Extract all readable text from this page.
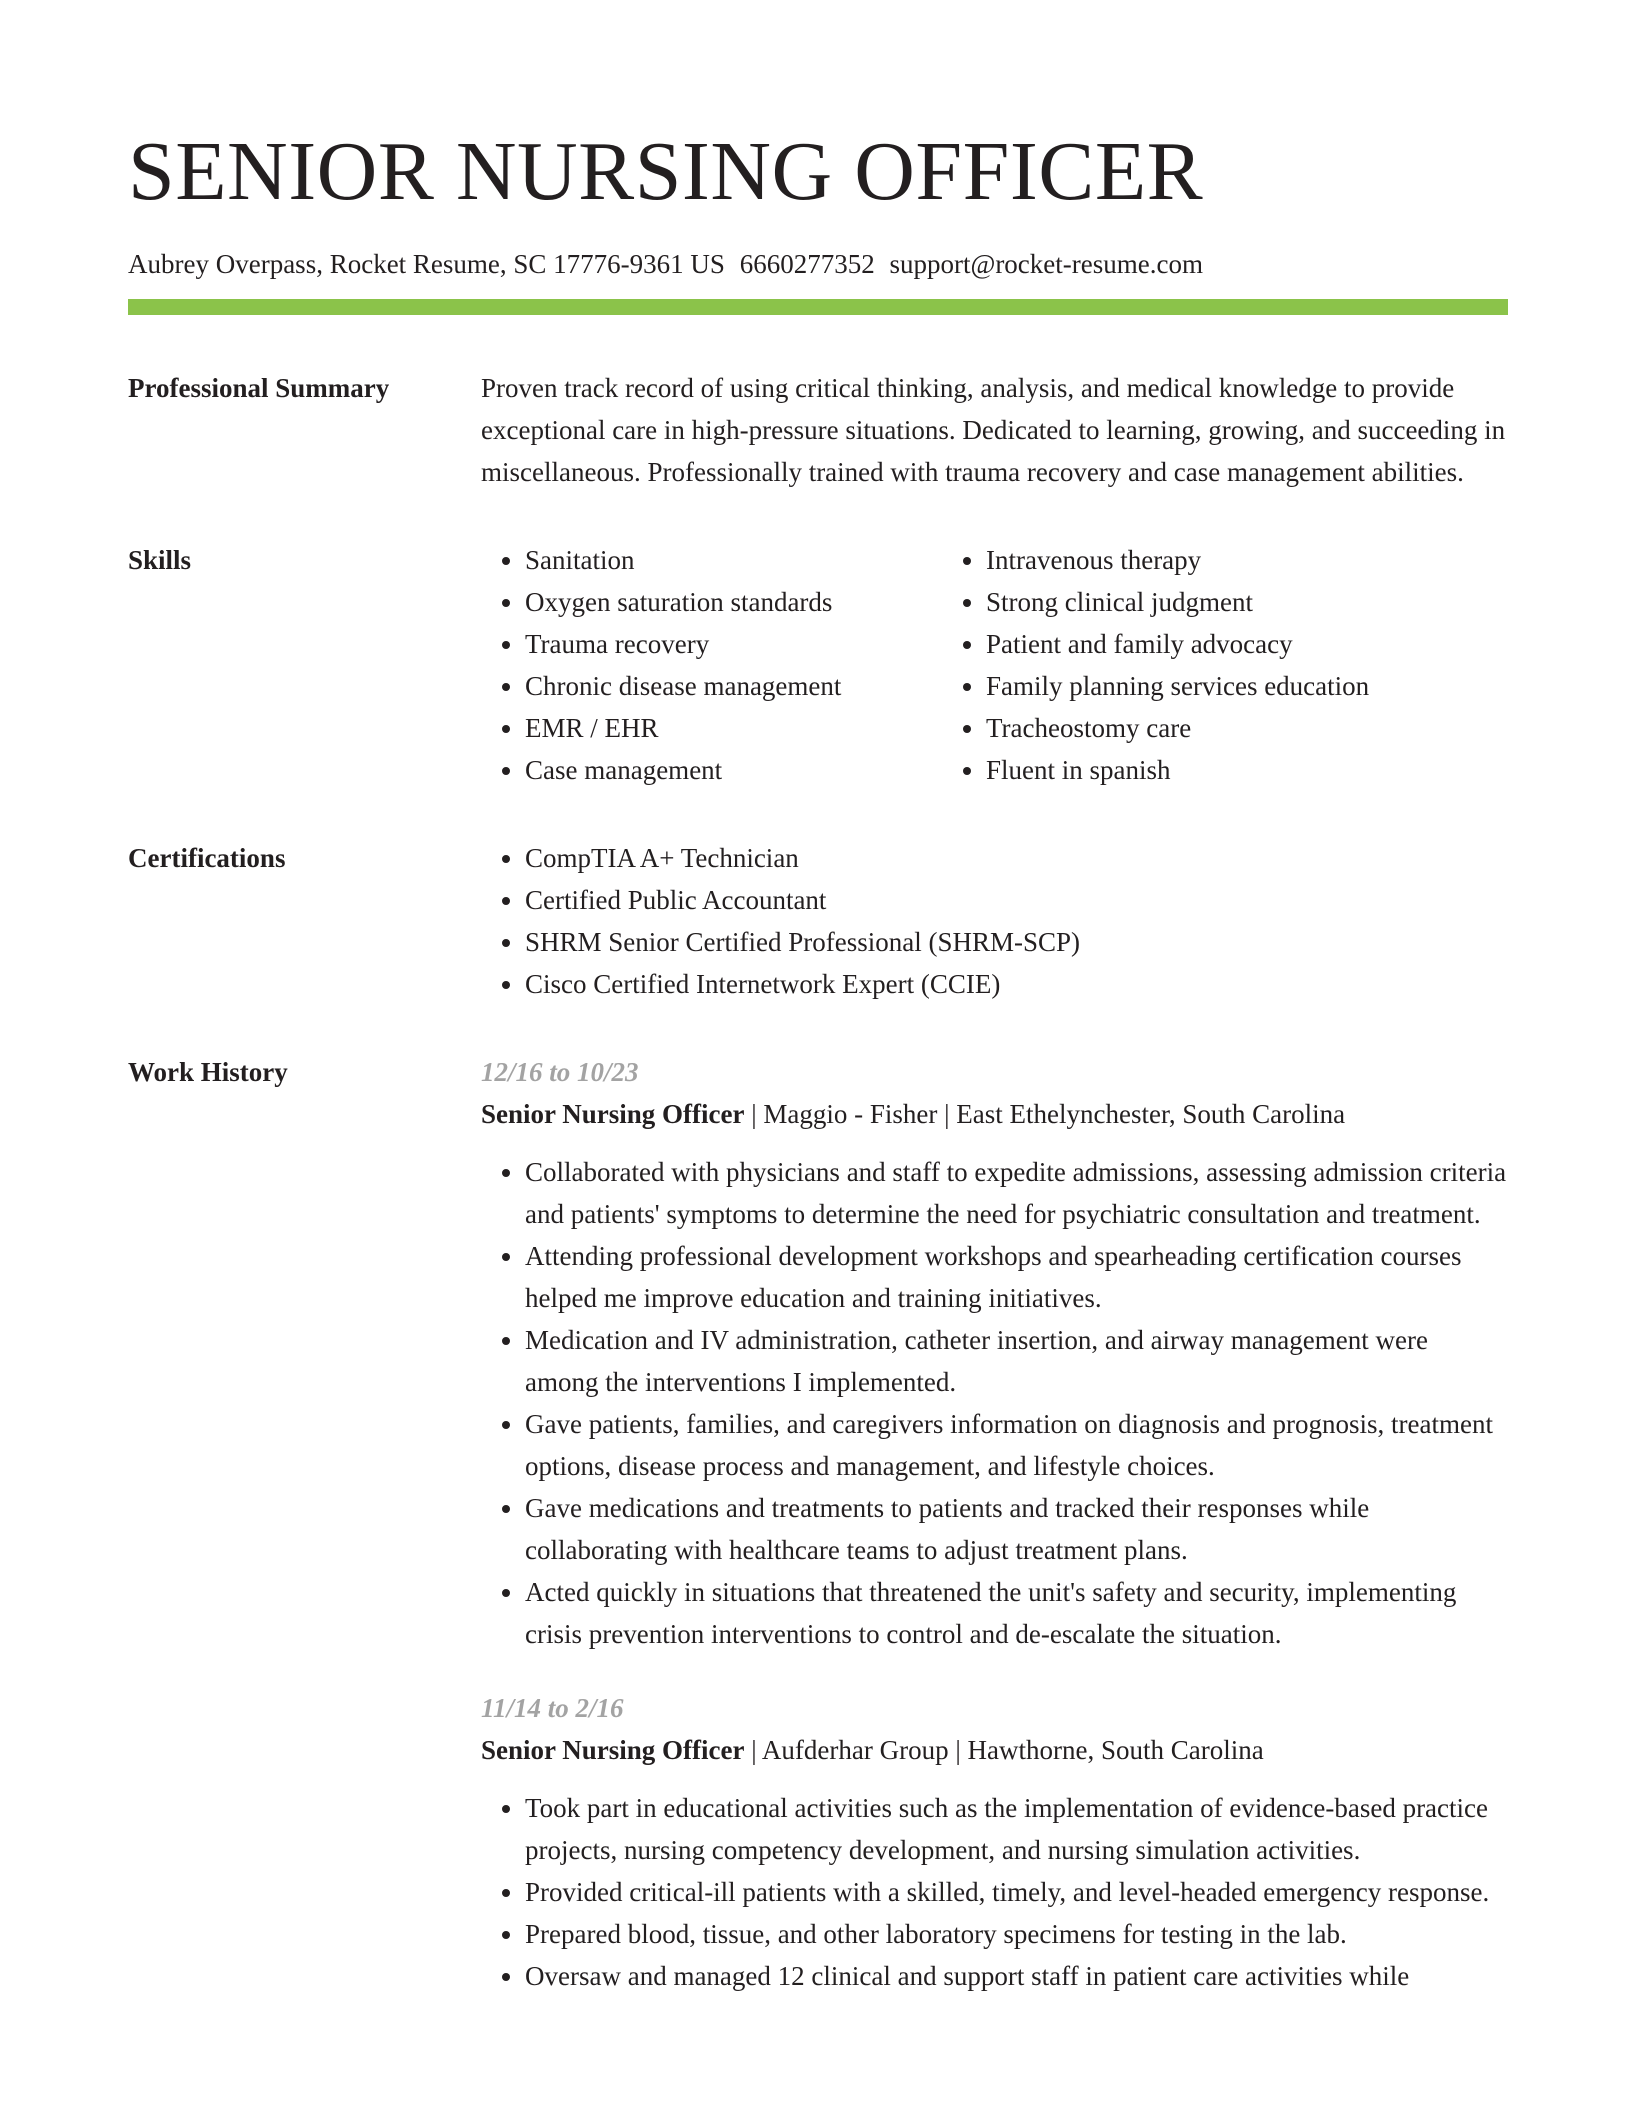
SENIOR NURSING OFFICER
Aubrey Overpass, Rocket Resume, SC 17776-9361 US 6660277352 support@rocket-resume.com
Professional Summary	Proven track record of using critical thinking, analysis, and medical knowledge to provide exceptional care in high-pressure situations. Dedicated to learning, growing, and succeeding in miscellaneous. Professionally trained with trauma recovery and case management abilities.

Skills	• Sanitation
• Oxygen saturation standards
• Trauma recovery
• Chronic disease management
• EMR / EHR
• Case management
• Intravenous therapy
• Strong clinical judgment
• Patient and family advocacy
• Family planning services education
• Tracheostomy care
• Fluent in spanish
Certifications	• CompTIA A+ Technician
• Certified Public Accountant
• SHRM Senior Certified Professional (SHRM-SCP)
• Cisco Certified Internetwork Expert (CCIE)
Work History	12/16 to 10/23
Senior Nursing Officer | Maggio - Fisher | East Ethelynchester, South Carolina
• Collaborated with physicians and staff to expedite admissions, assessing admission criteria and patients' symptoms to determine the need for psychiatric consultation and treatment.
• Attending professional development workshops and spearheading certification courses helped me improve education and training initiatives.
• Medication and IV administration, catheter insertion, and airway management were among the interventions I implemented.
• Gave patients, families, and caregivers information on diagnosis and prognosis, treatment options, disease process and management, and lifestyle choices.
• Gave medications and treatments to patients and tracked their responses while collaborating with healthcare teams to adjust treatment plans.
• Acted quickly in situations that threatened the unit's safety and security, implementing crisis prevention interventions to control and de-escalate the situation.
11/14 to 2/16
Senior Nursing Officer | Aufderhar Group | Hawthorne, South Carolina
• Took part in educational activities such as the implementation of evidence-based practice projects, nursing competency development, and nursing simulation activities.
• Provided critical-ill patients with a skilled, timely, and level-headed emergency response.
• Prepared blood, tissue, and other laboratory specimens for testing in the lab.
• Oversaw and managed 12 clinical and support staff in patient care activities while
